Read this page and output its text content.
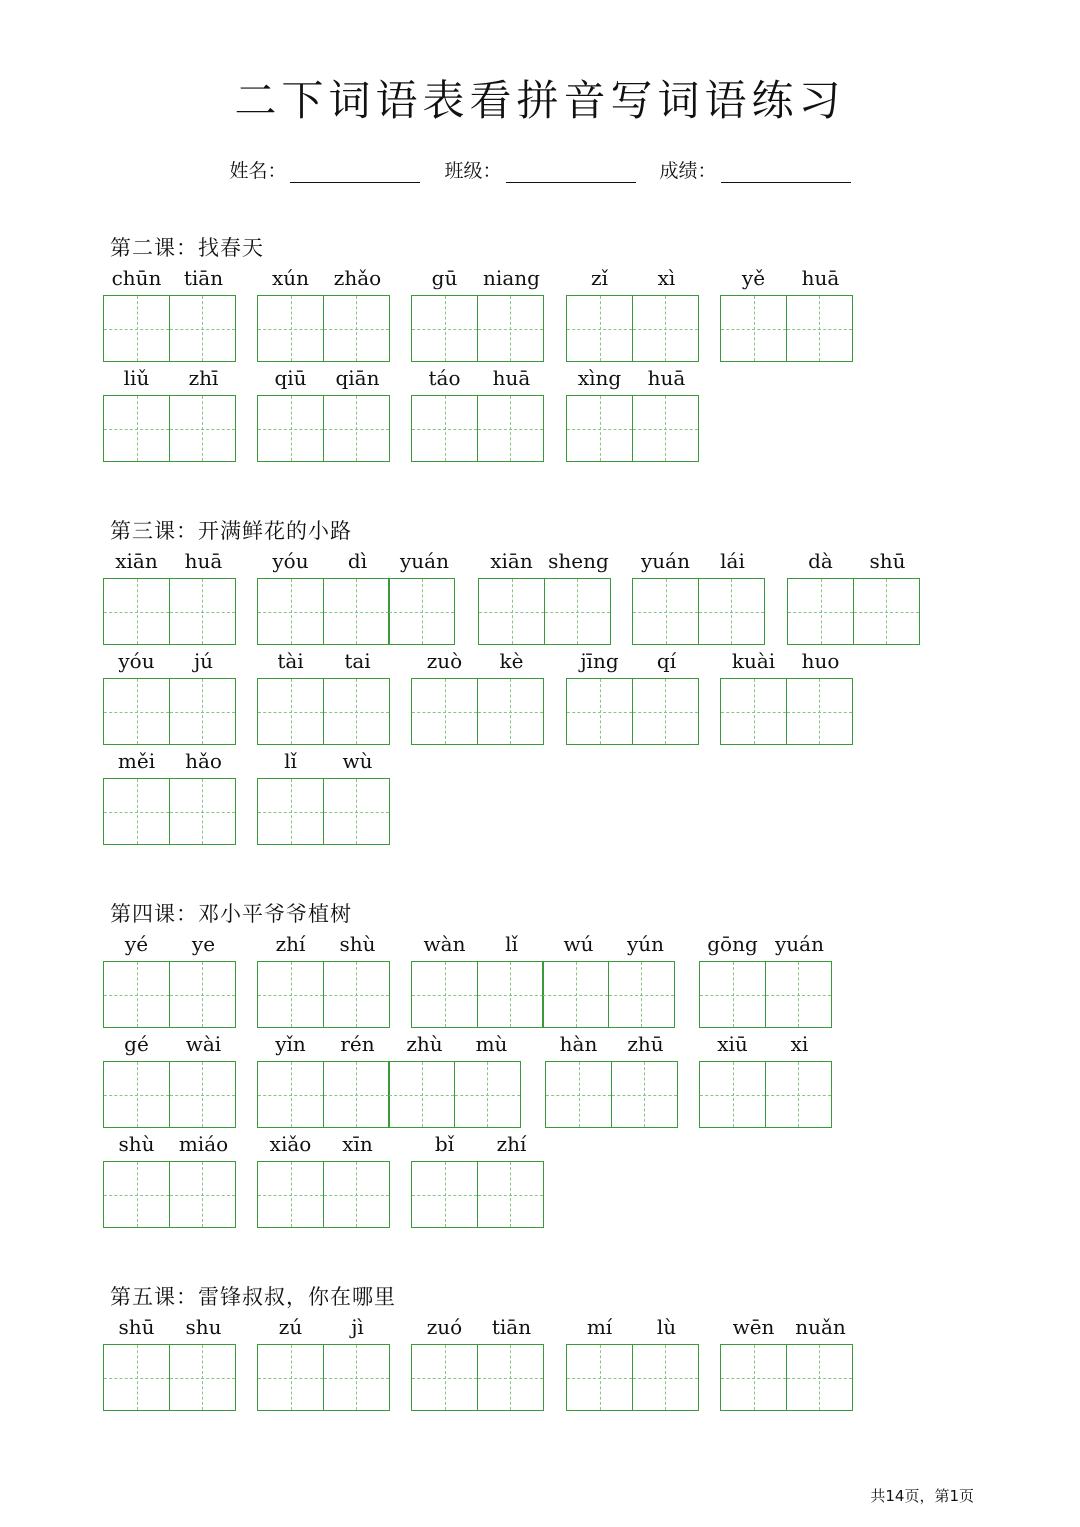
二下词语表看拼音写词语练习
姓名：	班级：	成绩：
第二课：找春天
chūn	tiān	xún	zhǎo	gū	niang	zǐ	xì	yě	huā
liǔ	zhī	qiū	qiān	táo	huā	xìng	huā
第三课：开满鲜花的小路
xiān	huā	yóu	dì	yuán	xiān sheng	yuán	lái	dà	shū
yóu	jú	tài	tai	zuò	kè	jīng	qí	kuài	huo
měi	hǎo	lǐ	wù
第四课：邓小平爷爷植树
yé	ye	zhí	shù	wàn	lǐ	wú	yún	gōng yuán
gé	wài	yǐn	rén	zhù	mù	hàn	zhū	xiū	xi
shù	miáo	xiǎo	xīn	bǐ	zhí
第五课：雷锋叔叔，你在哪里
shū	shu	zú	jì	zuó	tiān	mí	lù	wēn	nuǎn
共14页，第1页
